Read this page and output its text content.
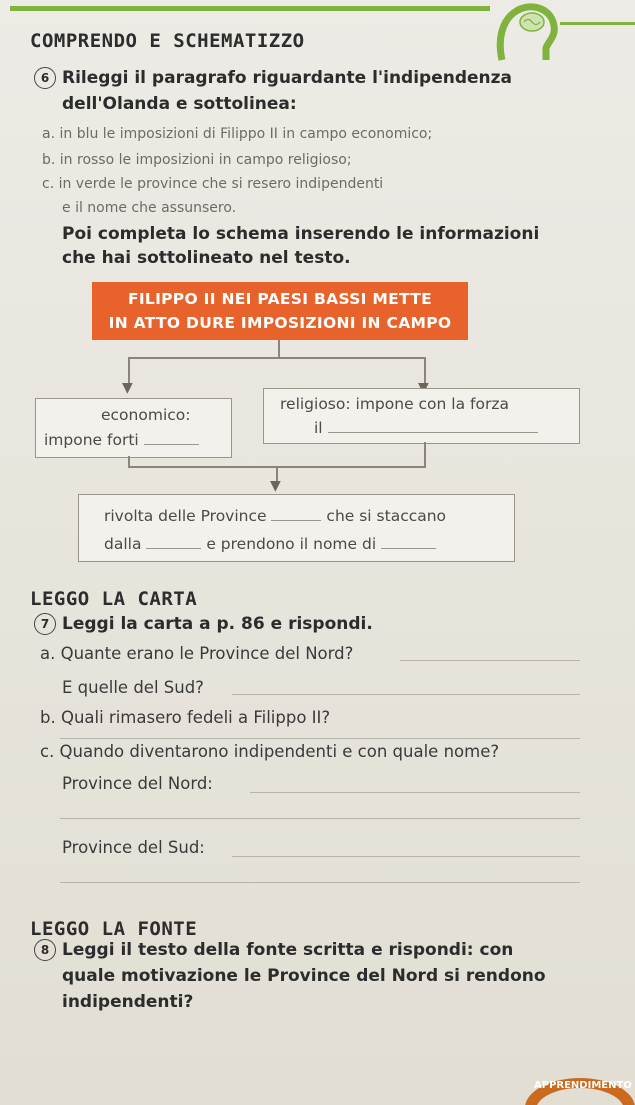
COMPRENDO E SCHEMATIZZO
6 Rileggi il paragrafo riguardante l'indipendenza
dell'Olanda e sottolinea:
a. in blu le imposizioni di Filippo II in campo economico;
b. in rosso le imposizioni in campo religioso;
c. in verde le province che si resero indipendenti
e il nome che assunsero.
Poi completa lo schema inserendo le informazioni
che hai sottolineato nel testo.
FILIPPO II NEI PAESI BASSI METTE
IN ATTO DURE IMPOSIZIONI IN CAMPO
▼
economico:
impone forti
religioso: impone con la forza
il
▼
rivolta delle Province	che si staccano
dalla	e prendono il nome di
LEGGO LA CARTA
7 Leggi la carta a p. 86 e rispondi.
a. Quante erano le Province del Nord?
E quelle del Sud?
b. Quali rimasero fedeli a Filippo II?
c. Quando diventarono indipendenti e con quale nome?
Province del Nord:
Province del Sud:
LEGGO LA FONTE
8 Leggi il testo della fonte scritta e rispondi: con
quale motivazione le Province del Nord si rendono
indipendenti?
APPRENDIMENTO
